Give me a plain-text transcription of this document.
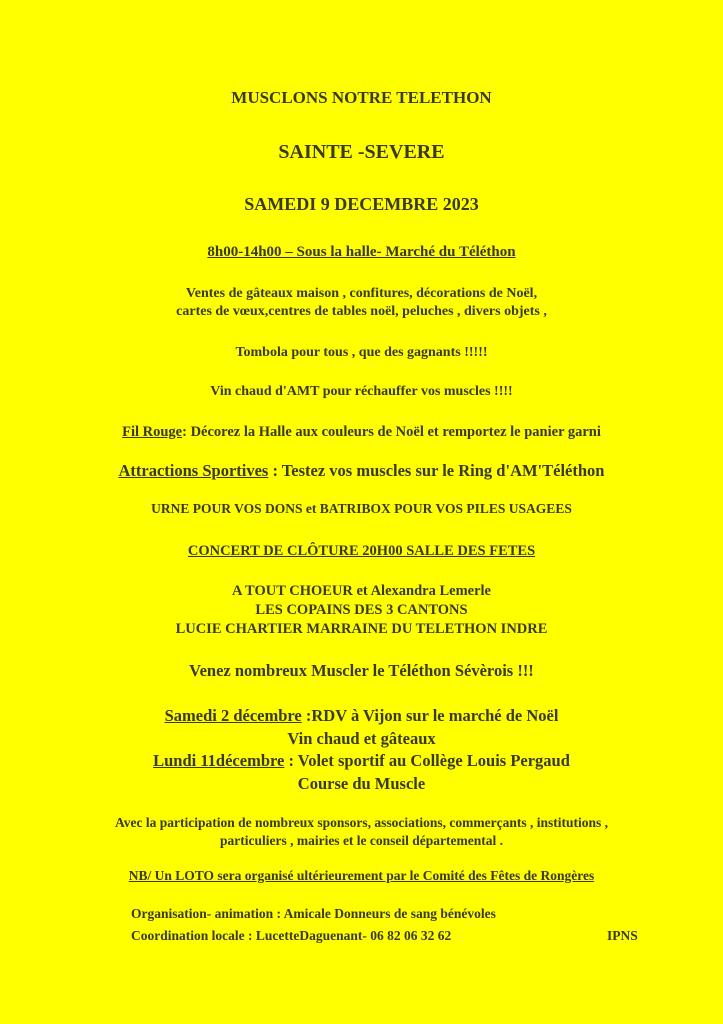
MUSCLONS NOTRE TELETHON
SAINTE -SEVERE
SAMEDI 9 DECEMBRE 2023
8h00-14h00 – Sous la halle- Marché du Téléthon
Ventes de gâteaux maison , confitures, décorations de Noël,
cartes de vœux,centres de tables noël, peluches , divers objets ,
Tombola pour tous , que des gagnants !!!!!
Vin chaud d'AMT pour réchauffer vos muscles !!!!
Fil Rouge: Décorez la Halle aux couleurs de Noël et remportez le panier garni
Attractions Sportives : Testez vos muscles sur le Ring d'AM'Téléthon
URNE POUR VOS DONS et BATRIBOX POUR VOS PILES USAGEES
CONCERT DE CLÔTURE 20H00 SALLE DES FETES
A TOUT CHOEUR et Alexandra Lemerle
LES COPAINS DES 3 CANTONS
LUCIE CHARTIER MARRAINE DU TELETHON INDRE
Venez nombreux Muscler le Téléthon Sévèrois !!!
Samedi 2 décembre :RDV à Vijon sur le marché de Noël
Vin chaud et gâteaux
Lundi 11décembre : Volet sportif au Collège Louis Pergaud
Course du Muscle
Avec la participation de nombreux sponsors, associations, commerçants , institutions ,
particuliers , mairies et le conseil départemental .
NB/ Un LOTO sera organisé ultérieurement par le Comité des Fêtes de Rongères
Organisation- animation : Amicale Donneurs de sang bénévoles
Coordination locale : LucetteDaguenant- 06 82 06 32 62	IPNS
